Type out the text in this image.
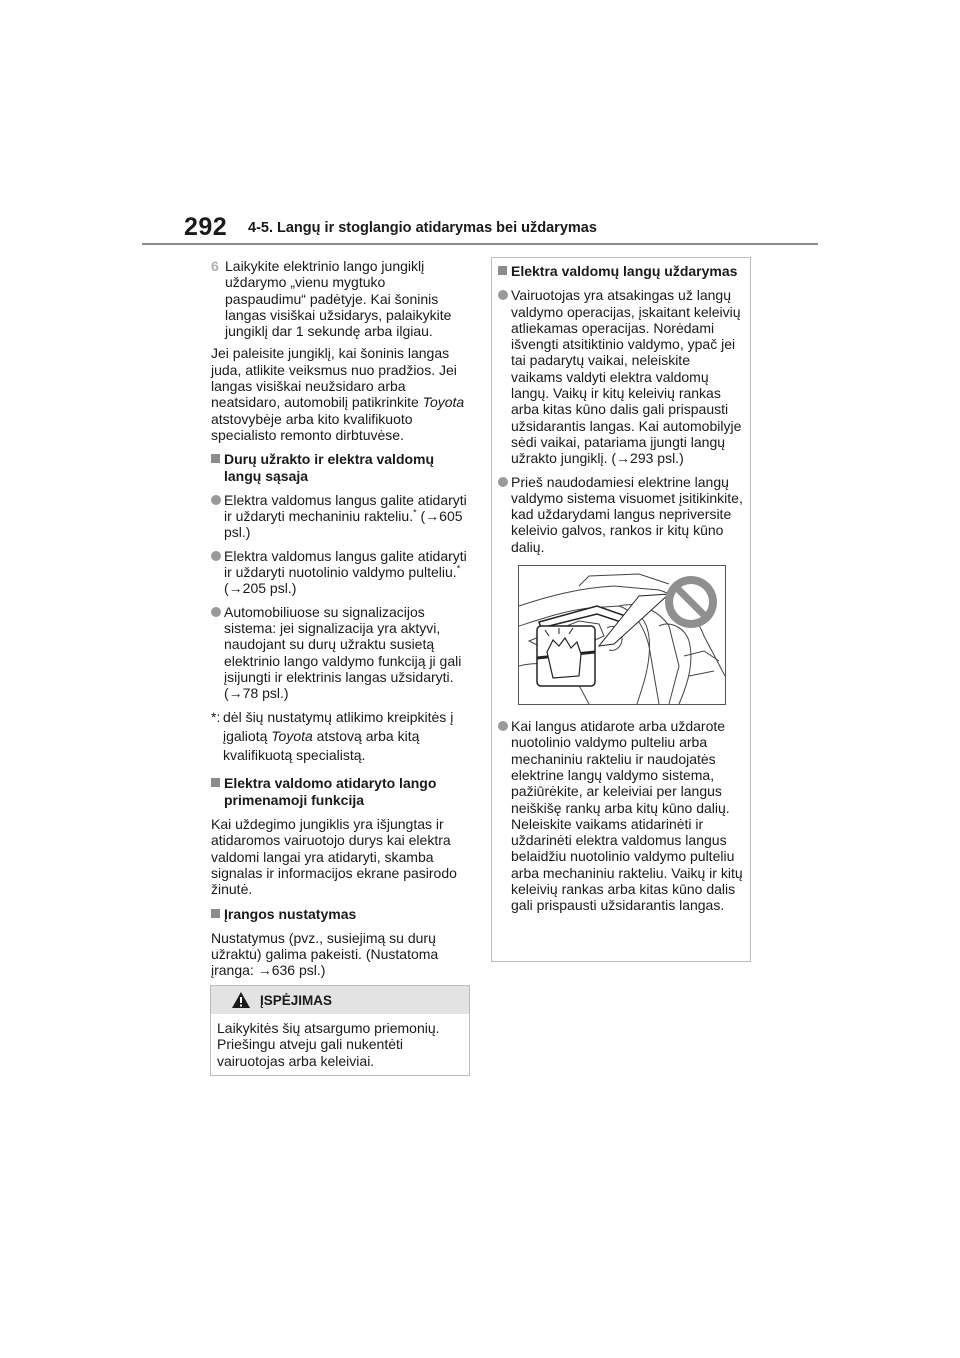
292 4-5. Langų ir stoglangio atidarymas bei uždarymas
6 Laikykite elektrinio lango jungiklį uždarymo „vienu mygtuko paspaudimu“ padėtyje. Kai šoninis langas visiškai užsidarys, palaikykite jungiklį dar 1 sekundę arba ilgiau.

Jei paleisite jungiklį, kai šoninis langas juda, atlikite veiksmus nuo pradžios. Jei langas visiškai neužsidaro arba neatsidaro, automobilį patikrinkite Toyota atstovybėje arba kito kvalifikuoto specialisto remonto dirbtuvėse.

Durų užrakto ir elektra valdomų langų sąsaja
Elektra valdomus langus galite atidaryti ir uždaryti mechaniniu rakteliu.* (→605 psl.)
Elektra valdomus langus galite atidaryti ir uždaryti nuotolinio valdymo pulteliu.* (→205 psl.)
Automobiliuose su signalizacijos sistema: jei signalizacija yra aktyvi, naudojant su durų užraktu susietą elektrinio lango valdymo funkciją ji gali įsijungti ir elektrinis langas užsidaryti. (→78 psl.)
*: dėl šių nustatymų atlikimo kreipkitės į įgaliotą Toyota atstovą arba kitą kvalifikuotą specialistą.
Elektra valdomo atidaryto lango primenamoji funkcija

Kai uždegimo jungiklis yra išjungtas ir atidaromos vairuotojo durys kai elektra valdomi langai yra atidaryti, skamba signalas ir informacijos ekrane pasirodo žinutė.

Įrangos nustatymas

Nustatymus (pvz., susiejimą su durų užraktu) galima pakeisti. (Nustatoma įranga: →636 psl.)

ĮSPĖJIMAS
Laikykitės šių atsargumo priemonių. Priešingu atveju gali nukentėti vairuotojas arba keleiviai.
Elektra valdomų langų uždarymas
Vairuotojas yra atsakingas už langų valdymo operacijas, įskaitant keleivių atliekamas operacijas. Norėdami išvengti atsitiktinio valdymo, ypač jei tai padarytų vaikai, neleiskite vaikams valdyti elektra valdomų langų. Vaikų ir kitų keleivių rankas arba kitas kūno dalis gali prispausti užsidarantis langas. Kai automobilyje sėdi vaikai, patariama įjungti langų užrakto jungiklį. (→293 psl.)
Prieš naudodamiesi elektrine langų valdymo sistema visuomet įsitikinkite, kad uždarydami langus nepriversite keleivio galvos, rankos ir kitų kūno dalių.
Kai langus atidarote arba uždarote nuotolinio valdymo pulteliu arba mechaniniu rakteliu ir naudojatės elektrine langų valdymo sistema, pažiūrėkite, ar keleiviai per langus neiškišę rankų arba kitų kūno dalių. Neleiskite vaikams atidarinėti ir uždarinėti elektra valdomus langus belaidžiu nuotolinio valdymo pulteliu arba mechaniniu rakteliu. Vaikų ir kitų keleivių rankas arba kitas kūno dalis gali prispausti užsidarantis langas.
